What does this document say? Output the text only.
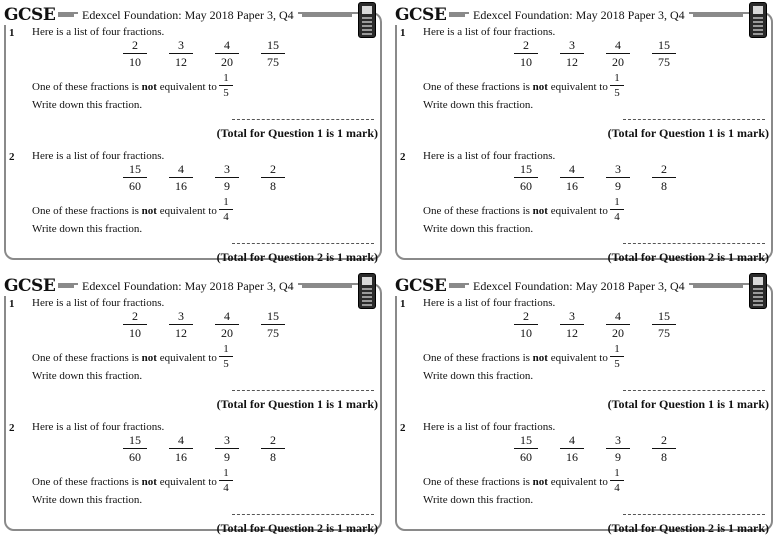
GCSE	Edexcel Foundation: May 2018 Paper 3, Q4
1 Here is a list of four fractions.
2
10
3
12
4
20
15
75
One of these fractions is not equivalent to
1
5
Write down this fraction.
(Total for Question 1 is 1 mark)
2 Here is a list of four fractions.
15
60
4
16
3
9
2
8
One of these fractions is not equivalent to
1
4
Write down this fraction.
(Total for Question 2 is 1 mark)
GCSE	Edexcel Foundation: May 2018 Paper 3, Q4
1 Here is a list of four fractions.
2
10
3
12
4
20
15
75
One of these fractions is not equivalent to
1
5
Write down this fraction.
(Total for Question 1 is 1 mark)
2 Here is a list of four fractions.
15
60
4
16
3
9
2
8
One of these fractions is not equivalent to
1
4
Write down this fraction.
(Total for Question 2 is 1 mark)
GCSE	Edexcel Foundation: May 2018 Paper 3, Q4
1 Here is a list of four fractions.
2
10
3
12
4
20
15
75
One of these fractions is not equivalent to
1
5
Write down this fraction.
(Total for Question 1 is 1 mark)
2 Here is a list of four fractions.
15
60
4
16
3
9
2
8
One of these fractions is not equivalent to
1
4
Write down this fraction.
(Total for Question 2 is 1 mark)
GCSE	Edexcel Foundation: May 2018 Paper 3, Q4
1 Here is a list of four fractions.
2
10
3
12
4
20
15
75
One of these fractions is not equivalent to
1
5
Write down this fraction.
(Total for Question 1 is 1 mark)
2 Here is a list of four fractions.
15
60
4
16
3
9
2
8
One of these fractions is not equivalent to
1
4
Write down this fraction.
(Total for Question 2 is 1 mark)
